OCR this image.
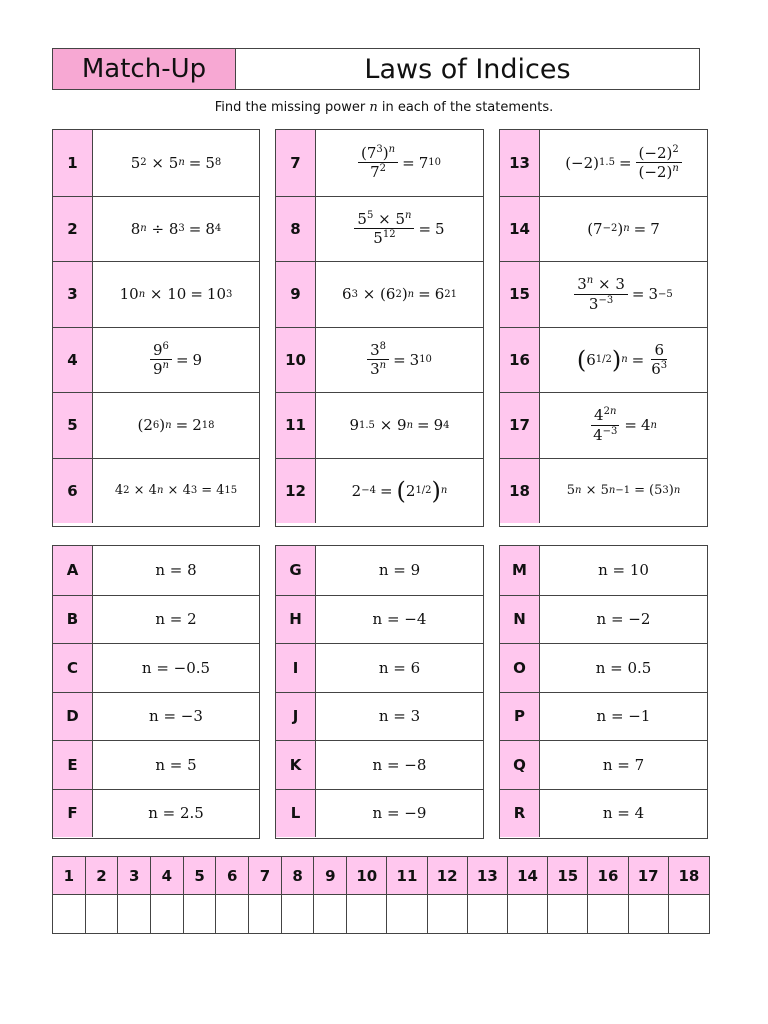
Match-Up	Laws of Indices
Find the missing power n in each of the statements.
1	5 2 × 5 n = 5 8
2	8 n ÷ 8 3 = 8 4
3	10 n × 10 = 10 3
4	$\frac{9^6}{9^n} = 9$
5	(2 6 ) n = 2 18
6	4 2 × 4 n × 4 3 = 4 15
7	$\frac{(7^3)^n}{7^2} = 7$ 10
8	$\frac{5^5 \times 5^n}{5^{12}} = 5$
9	6 3 × (6 2 ) n = 6 21
10	$\frac{3^8}{3^n} = 3$ 10
11	9 1.5 × 9 n = 9 4
12	2 −4 = ( 2 1/2 ) n
13	(−2) $1.5 = \frac{(-2)^2}{(-2)^n}$
14	(7 −2 ) n = 7
15	$\frac{3^n \times 3}{3^{-3}} = 3 -5$
16	( 6 1/2 ) $n = \frac{6}{6^3}$
17	$\frac{4^{2n}}{4^{-3}} = 4$ n
18	5 n × 5 n−1 = (5 3 ) n
A	n = 8
B	n = 2
C	n = −0.5
D	n = −3
E	n = 5
F	n = 2.5
G	n = 9
H	n = −4
I	n = 6
J	n = 3
K	n = −8
L	n = −9
M	n = 10
N	n = −2
O	n = 0.5
P	n = −1
Q	n = 7
R	n = 4
1	2	3	4	5	6	7	8	9	10	11	12	13	14	15	16	17	18
